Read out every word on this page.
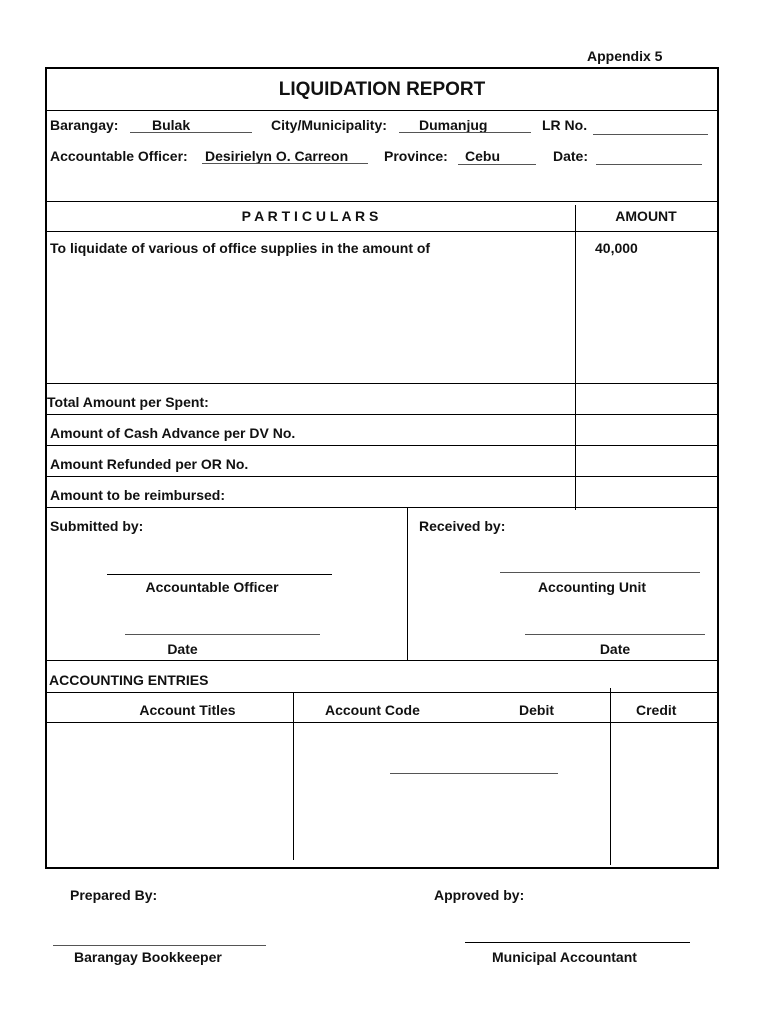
Appendix 5
LIQUIDATION REPORT
Barangay: Bulak	City/Municipality: Dumanjug	LR No.
Accountable Officer: Desirielyn O. Carreon	Province: Cebu	Date:
P A R T I C U L A R S	AMOUNT
To liquidate of various of office supplies in the amount of	40,000
Total Amount per Spent:
Amount of Cash Advance per DV No.
Amount Refunded per OR No.
Amount to be reimbursed:
Submitted by:
Accountable Officer
Date
Received by:
Accounting Unit
Date
ACCOUNTING ENTRIES
Account Titles	Account Code	Debit	Credit
Prepared By:
Barangay Bookkeeper
Approved by:
Municipal Accountant
